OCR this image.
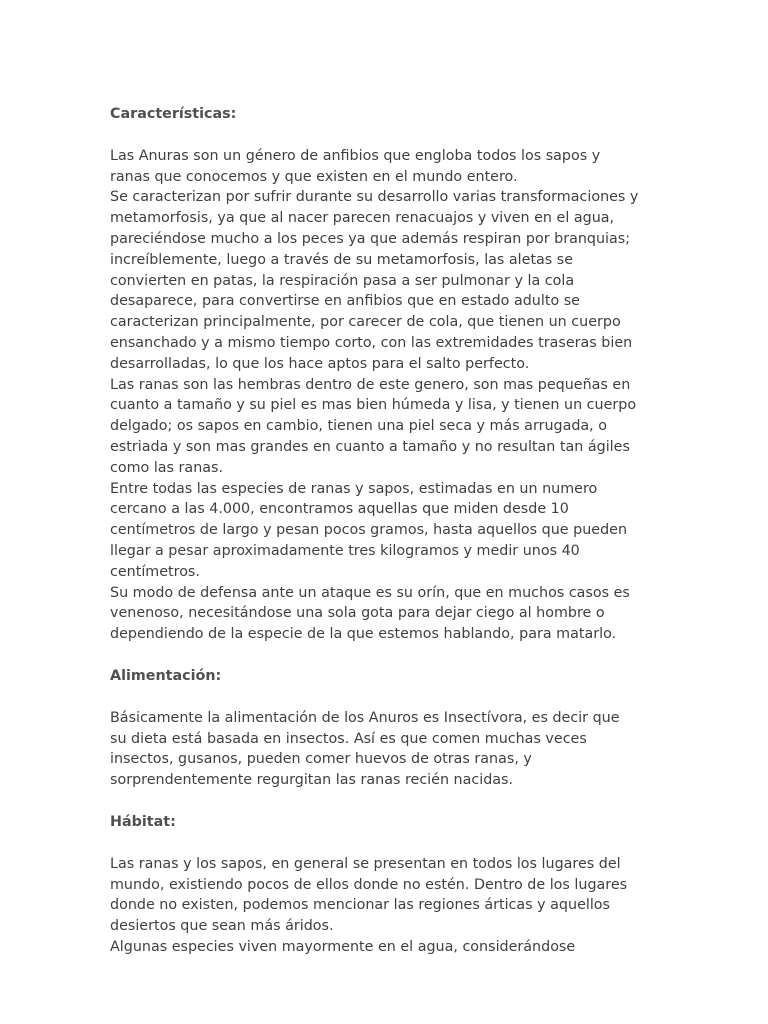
Características:
Las Anuras son un género de anfibios que engloba todos los sapos y
ranas que conocemos y que existen en el mundo entero.
Se caracterizan por sufrir durante su desarrollo varias transformaciones y
metamorfosis, ya que al nacer parecen renacuajos y viven en el agua,
pareciéndose mucho a los peces ya que además respiran por branquias;
increíblemente, luego a través de su metamorfosis, las aletas se
convierten en patas, la respiración pasa a ser pulmonar y la cola
desaparece, para convertirse en anfibios que en estado adulto se
caracterizan principalmente, por carecer de cola, que tienen un cuerpo
ensanchado y a mismo tiempo corto, con las extremidades traseras bien
desarrolladas, lo que los hace aptos para el salto perfecto.
Las ranas son las hembras dentro de este genero, son mas pequeñas en
cuanto a tamaño y su piel es mas bien húmeda y lisa, y tienen un cuerpo
delgado; os sapos en cambio, tienen una piel seca y más arrugada, o
estriada y son mas grandes en cuanto a tamaño y no resultan tan ágiles
como las ranas.
Entre todas las especies de ranas y sapos, estimadas en un numero
cercano a las 4.000, encontramos aquellas que miden desde 10
centímetros de largo y pesan pocos gramos, hasta aquellos que pueden
llegar a pesar aproximadamente tres kilogramos y medir unos 40
centímetros.
Su modo de defensa ante un ataque es su orín, que en muchos casos es
venenoso, necesitándose una sola gota para dejar ciego al hombre o
dependiendo de la especie de la que estemos hablando, para matarlo.
Alimentación:
Básicamente la alimentación de los Anuros es Insectívora, es decir que
su dieta está basada en insectos. Así es que comen muchas veces
insectos, gusanos, pueden comer huevos de otras ranas, y
sorprendentemente regurgitan las ranas recién nacidas.
Hábitat:
Las ranas y los sapos, en general se presentan en todos los lugares del
mundo, existiendo pocos de ellos donde no estén. Dentro de los lugares
donde no existen, podemos mencionar las regiones árticas y aquellos
desiertos que sean más áridos.
Algunas especies viven mayormente en el agua, considerándose
